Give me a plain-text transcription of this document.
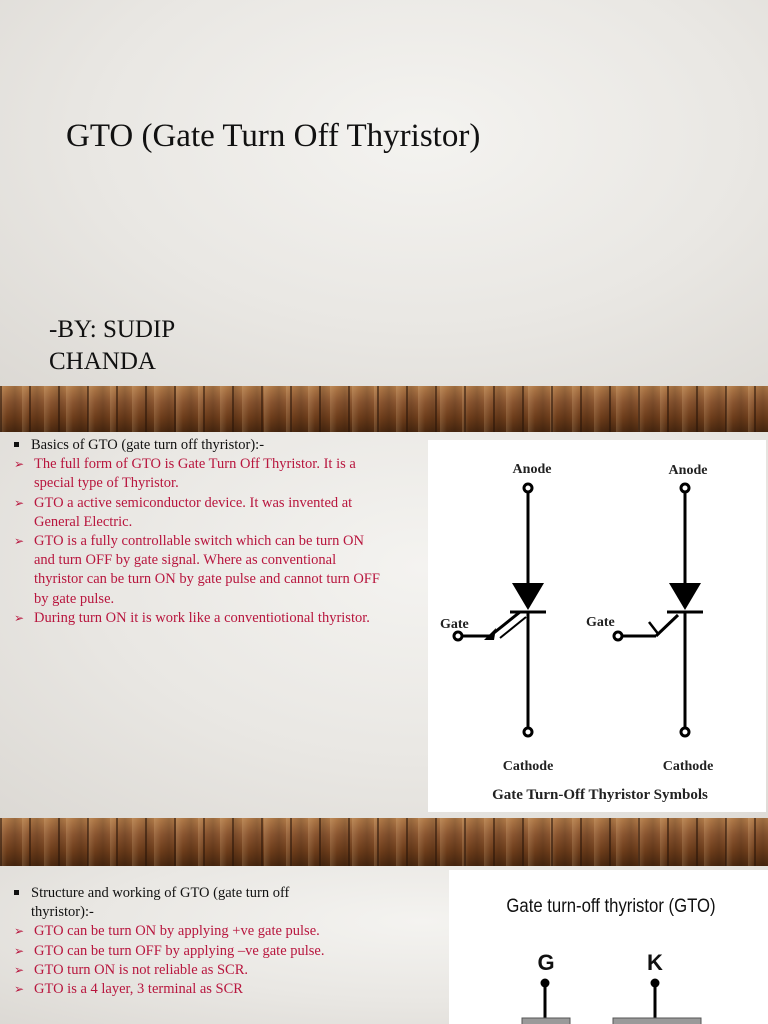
GTO (Gate Turn Off Thyristor)
-BY: SUDIP
CHANDA
Basics of GTO (gate turn off thyristor):-
➢ The full form of GTO is Gate Turn Off Thyristor. It is a special type of Thyristor.
➢ GTO a active semiconductor device. It was invented at General Electric.
➢ GTO is a fully controllable switch which can be turn ON and turn OFF by gate signal. Where as conventional thyristor can be turn ON by gate pulse and cannot turn OFF by gate pulse.
➢ During turn ON it is work like a conventiotional thyristor.
Anode	Anode
Gate	Gate
Cathode	Cathode
Gate Turn-Off Thyristor Symbols
Structure and working of GTO (gate turn off thyristor):-
➢ GTO can be turn ON by applying +ve gate pulse.
➢ GTO can be turn OFF by applying –ve gate pulse.
➢ GTO turn ON is not reliable as SCR.
➢ GTO is a 4 layer, 3 terminal as SCR
Gate turn-off thyristor (GTO)
G	K
